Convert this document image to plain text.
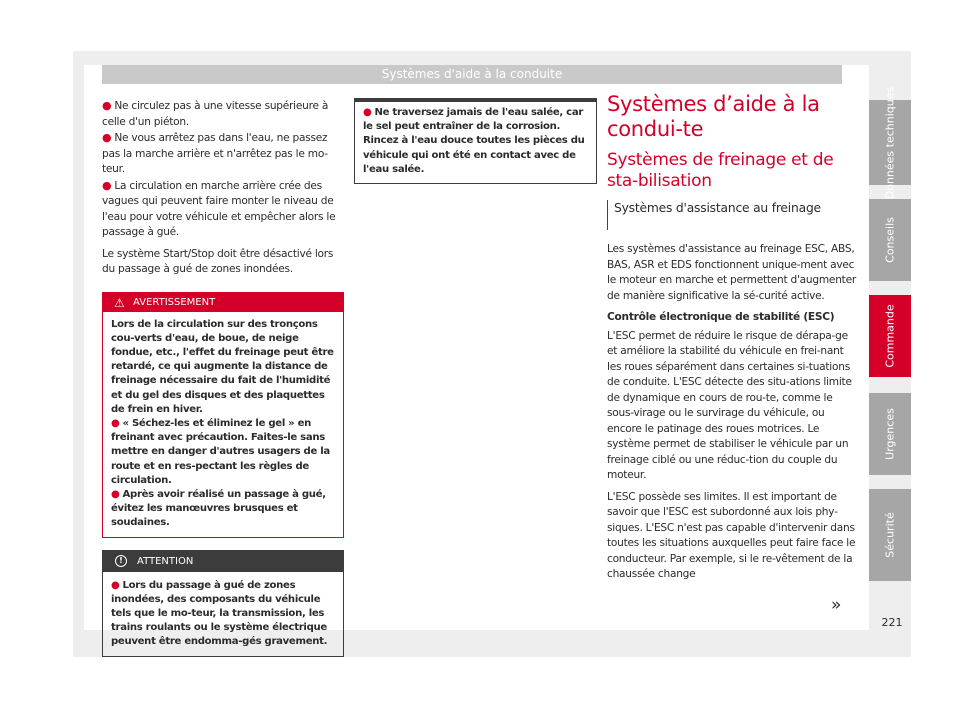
Systèmes d'aide à la conduite
● Ne circulez pas à une vitesse supérieure à celle d'un piéton.
● Ne vous arrêtez pas dans l'eau, ne passez pas la marche arrière et n'arrêtez pas le mo-teur.
● La circulation en marche arrière crée des vagues qui peuvent faire monter le niveau de l'eau pour votre véhicule et empêcher alors le passage à gué.

Le système Start/Stop doit être désactivé lors du passage à gué de zones inondées.

⚠ AVERTISSEMENT
Lors de la circulation sur des tronçons cou-verts d'eau, de boue, de neige fondue, etc., l'effet du freinage peut être retardé, ce qui augmente la distance de freinage nécessaire du fait de l'humidité et du gel des disques et des plaquettes de frein en hiver.
● « Séchez-les et éliminez le gel » en freinant avec précaution. Faites-le sans mettre en danger d'autres usagers de la route et en res-pectant les règles de circulation.
● Après avoir réalisé un passage à gué, évitez les manœuvres brusques et soudaines.
!	ATTENTION
● Lors du passage à gué de zones inondées, des composants du véhicule tels que le mo-teur, la transmission, les trains roulants ou le système électrique peuvent être endomma-gés gravement.
● Ne traversez jamais de l'eau salée, car le sel peut entraîner de la corrosion. Rincez à l'eau douce toutes les pièces du véhicule qui ont été en contact avec de l'eau salée.
Systèmes d’aide à la condui-te
Systèmes de freinage et de sta-bilisation
Systèmes d'assistance au freinage

Les systèmes d'assistance au freinage ESC, ABS, BAS, ASR et EDS fonctionnent unique-ment avec le moteur en marche et permettent d'augmenter de manière significative la sé-curité active.

Contrôle électronique de stabilité (ESC)

L'ESC permet de réduire le risque de dérapa-ge et améliore la stabilité du véhicule en frei-nant les roues séparément dans certaines si-tuations de conduite. L'ESC détecte des situ-ations limite de dynamique en cours de rou-te, comme le sous-virage ou le survirage du véhicule, ou encore le patinage des roues motrices. Le système permet de stabiliser le véhicule par un freinage ciblé ou une réduc-tion du couple du moteur.

L'ESC possède ses limites. Il est important de savoir que l'ESC est subordonné aux lois phy-siques. L'ESC n'est pas capable d'intervenir dans toutes les situations auxquelles peut faire face le conducteur. Par exemple, si le re-vêtement de la chaussée change

»
Données techniques
Conseils
Commande
Urgences
Sécurité
221
